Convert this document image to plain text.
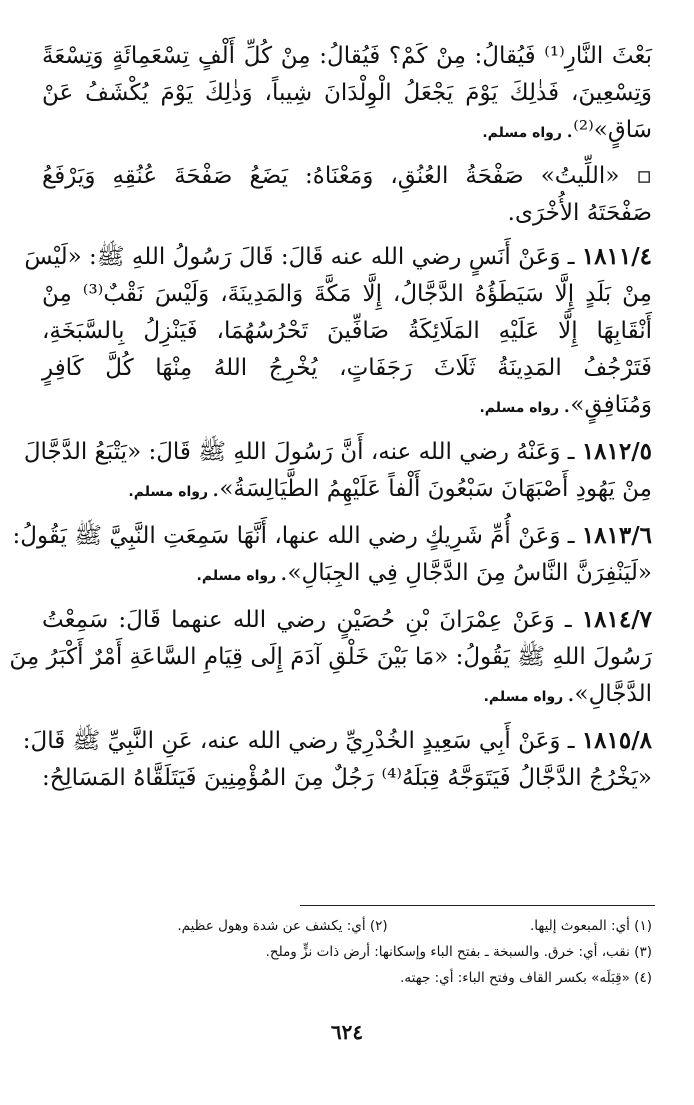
بَعْثَ النَّارِ⁽¹⁾ فَيُقالُ: مِنْ كَمْ؟ فَيُقالُ: مِنْ كُلِّ أَلْفٍ تِسْعَمِائَةٍ وَتِسْعَةً
وَتِسْعِينَ، فَذٰلِكَ يَوْمَ يَجْعَلُ الْوِلْدَانَ شِيباً، وَذٰلِكَ يَوْمَ يُكْشَفُ عَنْ
سَاقٍ»⁽²⁾.رواه مسلم.
▫ «اللِّيتُ» صَفْحَةُ العُنُقِ، وَمَعْنَاهُ: يَضَعُ صَفْحَةَ عُنُقِهِ وَيَرْفَعُ
صَفْحَتَهُ الأُخْرَى.
١٨١١/٤ ـ وَعَنْ أَنَسٍ رضي الله عنه قَالَ: قَالَ رَسُولُ اللهِ ﷺ: «لَيْسَ
مِنْ بَلَدٍ إِلَّا سَيَطَؤُهُ الدَّجَّالُ، إِلَّا مَكَّةَ وَالمَدِينَةَ، وَلَيْسَ نَقْبٌ⁽³⁾ مِنْ
أَنْقَابِهَا إِلَّا عَلَيْهِ المَلَائِكَةُ صَافِّينَ تَحْرُسُهُمَا، فَيَنْزِلُ بِالسَّبَخَةِ،
فَتَرْجُفُ المَدِينَةُ ثَلَاثَ رَجَفَاتٍ، يُخْرِجُ اللهُ مِنْهَا كُلَّ كَافِرٍ
وَمُنَافِقٍ».رواه مسلم.
١٨١٢/٥ ـ وَعَنْهُ رضي الله عنه، أَنَّ رَسُولَ اللهِ ﷺ قَالَ: «يَتْبَعُ الدَّجَّالَ
مِنْ يَهُودِ أَصْبَهَانَ سَبْعُونَ أَلْفاً عَلَيْهِمُ الطَّيَالِسَةُ».رواه مسلم.
١٨١٣/٦ ـ وَعَنْ أُمِّ شَرِيكٍ رضي الله عنها، أَنَّهَا سَمِعَتِ النَّبِيَّ ﷺ يَقُولُ:
«لَيَنْفِرَنَّ النَّاسُ مِنَ الدَّجَّالِ فِي الجِبَالِ».رواه مسلم.
١٨١٤/٧ ـ وَعَنْ عِمْرَانَ بْنِ حُصَيْنٍ رضي الله عنهما قَالَ: سَمِعْتُ
رَسُولَ اللهِ ﷺ يَقُولُ: «مَا بَيْنَ خَلْقِ آدَمَ إِلَى قِيَامِ السَّاعَةِ أَمْرٌ أَكْبَرُ مِنَ
الدَّجَّالِ».رواه مسلم.
١٨١٥/٨ ـ وَعَنْ أَبِي سَعِيدٍ الخُدْرِيِّ رضي الله عنه، عَنِ النَّبِيِّ ﷺ قَالَ:
«يَخْرُجُ الدَّجَّالُ فَيَتَوَجَّهُ قِبَلَهُ⁽⁴⁾ رَجُلٌ مِنَ المُؤْمِنِينَ فَيَتَلَقَّاهُ المَسَالِحُ:
(١) أي: المبعوث إليها. (٢) أي: يكشف عن شدة وهول عظيم.
(٣) نقب، أي: خرق. والسبخة ـ بفتح الباء وإسكانها: أرض ذات نزٍّ وملح.
(٤) «قِبَلَه» بكسر القاف وفتح الباء: أي: جهته.
٦٢٤
